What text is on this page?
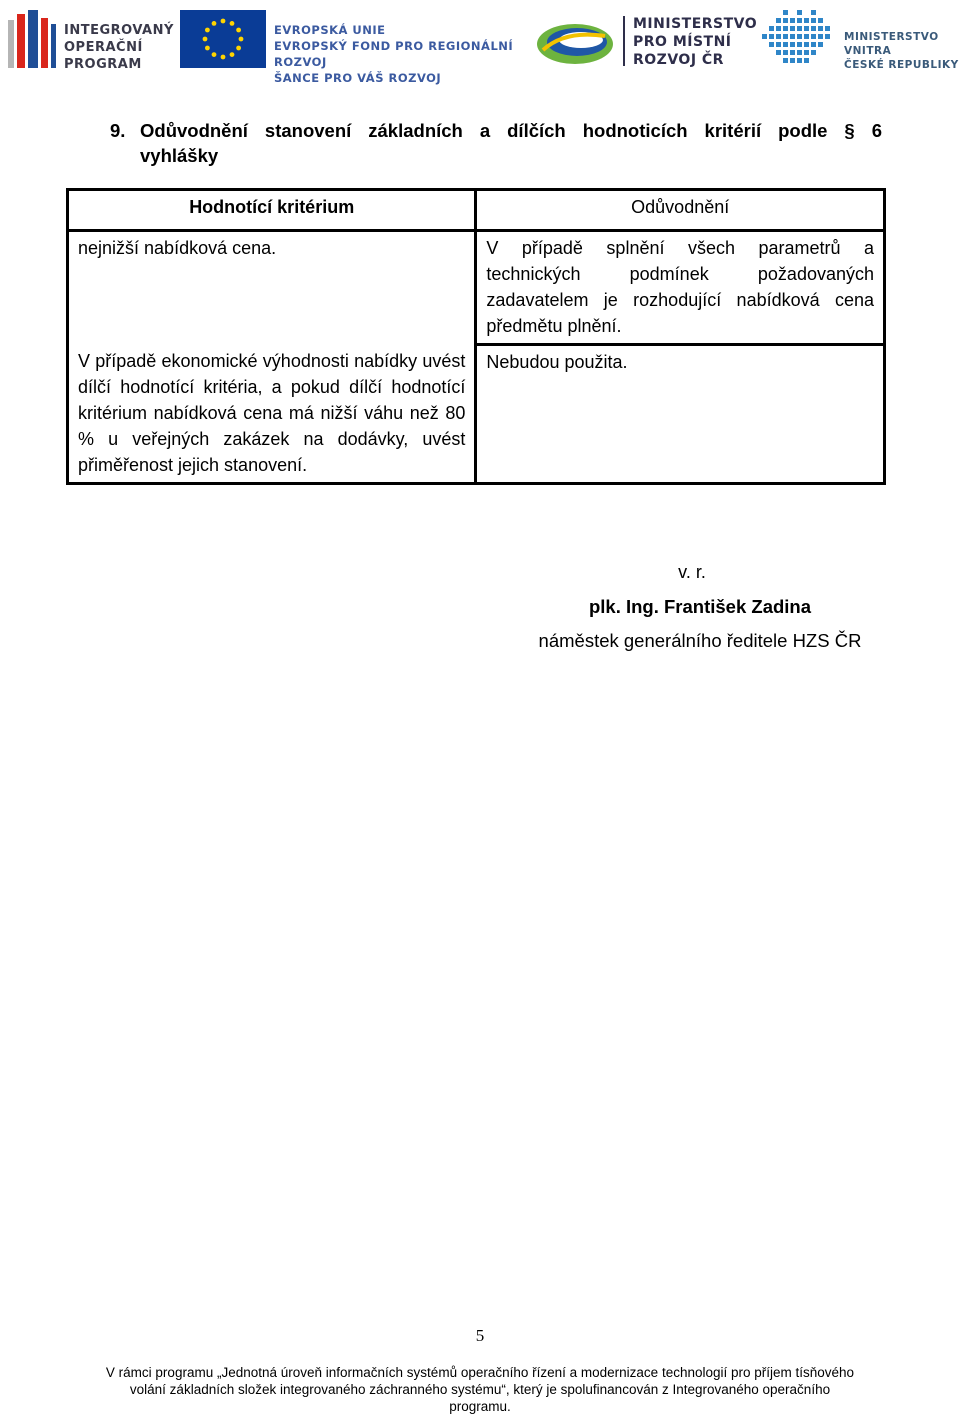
INTEGROVANÝ
OPERAČNÍ
PROGRAM
EVROPSKÁ UNIE
EVROPSKÝ FOND PRO REGIONÁLNÍ ROZVOJ
ŠANCE PRO VÁŠ ROZVOJ
MINISTERSTVO
PRO MÍSTNÍ
ROZVOJ ČR
MINISTERSTVO VNITRA
ČESKÉ REPUBLIKY
9. Odůvodnění stanovení základních a dílčích hodnoticích kritérií podle § 6
vyhlášky
Hodnotící kritérium	Odůvodnění
nejnižší nabídková cena.	V případě splnění všech parametrů a technických podmínek požadovaných zadavatelem je rozhodující nabídková cena předmětu plnění.
V případě ekonomické výhodnosti nabídky uvést dílčí hodnotící kritéria, a pokud dílčí hodnotící kritérium nabídková cena má nižší váhu než 80 % u veřejných zakázek na dodávky, uvést přiměřenost jejich stanovení.	Nebudou použita.
v. r.
plk. Ing. František Zadina
náměstek generálního ředitele HZS ČR
5
V rámci programu „Jednotná úroveň informačních systémů operačního řízení a modernizace technologií pro příjem tísňového
volání základních složek integrovaného záchranného systému“, který je spolufinancován z Integrovaného operačního
programu.
